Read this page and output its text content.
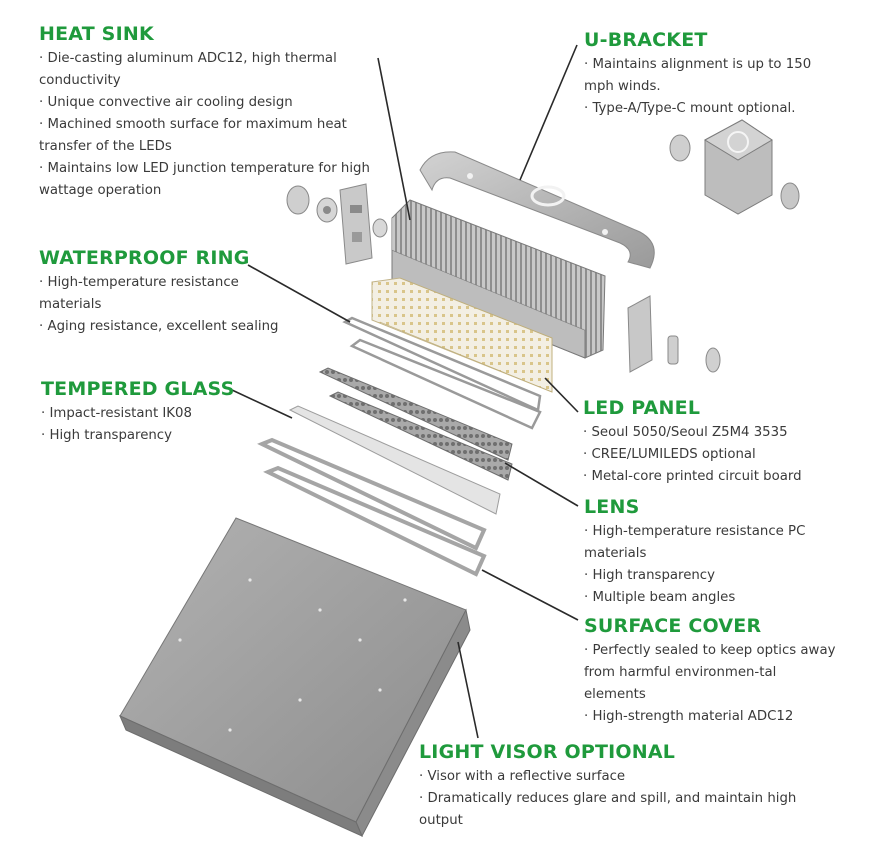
HEAT SINK
· Die-casting aluminum ADC12, high thermal conductivity
· Unique convective air cooling design
· Machined smooth surface for maximum heat transfer of the LEDs
· Maintains low LED junction temperature for high wattage operation
U-BRACKET
· Maintains alignment is up to 150 mph winds.
· Type-A/Type-C mount optional.
WATERPROOF RING
· High-temperature resistance materials
· Aging resistance, excellent sealing
TEMPERED GLASS
· Impact-resistant IK08
· High transparency
LED PANEL
· Seoul 5050/Seoul Z5M4 3535
· CREE/LUMILEDS optional
· Metal-core printed circuit board
LENS
· High-temperature resistance PC materials
· High transparency
· Multiple beam angles
SURFACE COVER
· Perfectly sealed to keep optics away from harmful environmen-tal elements
· High-strength material ADC12
LIGHT VISOR OPTIONAL
· Visor with a reflective surface
· Dramatically reduces glare and spill, and maintain high output
